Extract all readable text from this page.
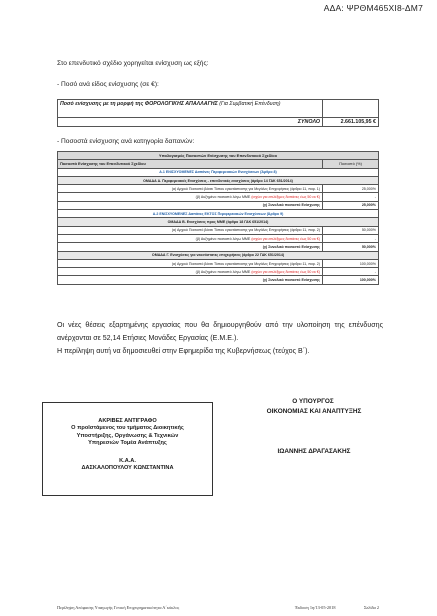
ΑΔΑ: ΨΡΘΜ465ΧΙ8-ΔΜ7
Στο επενδυτικό σχέδιο χορηγείται ενίσχυση ως εξής:
- Ποσό ανά είδος ενίσχυσης (σε €):
Ποσό ενίσχυσης με τη μορφή της ΦΟΡΟΛΟΓΙΚΗΣ ΑΠΑΛΛΑΓΗΣ (Για Συμβατική Επένδυση)	
ΣΥΝΟΛΟ	2.661.105,95 €
- Ποσοστά ενίσχυσης ανά κατηγορία δαπανών:
Υπολογισμός Ποσοστών Ενίσχυσης του Επενδυτικού Σχεδίου	
Ποσοστά Ενίσχυσης του Επενδυτικού Σχεδίου	Ποσοστό (%)
Α.1 ΕΝΙΣΧΥΟΜΕΝΕΣ Δαπάνες Περιφερειακών Ενισχύσεων (Άρθρο 8)	
ΟΜΑΔΑ Α. Περιφερειακές Ενισχύσεις - επενδυτικές ενισχύσεις (άρθρο 14 ΓΑΚ 651/2014)	
(α) Αρχικό Ποσοστό βάσει Τύπου εγκατάστασης για Μεγάλες Επιχειρήσεις (άρθρο 11, παρ. 1)	25,000%
(β) Αυξημένο ποσοστό λόγω ΜΜΕ (ισχύει για επιλέξιμες δαπάνες έως 50 εκ €)	-
(γ) Συνολικό ποσοστό Ενίσχυσης	25,000%
Α.2 ΕΝΙΣΧΥΟΜΕΝΕΣ Δαπάνες ΕΚΤΟΣ Περιφερειακών Ενισχύσεων (Άρθρο 9)	
ΟΜΑΔΑ Β. Ενισχύσεις προς ΜΜΕ (άρθρο 18 ΓΑΚ 651/2014)	
(α) Αρχικό Ποσοστό βάσει Τύπου εγκατάστασης για Μεγάλες Επιχειρήσεις (άρθρο 11, παρ. 2)	50,000%
(β) Αυξημένο ποσοστό λόγω ΜΜΕ (ισχύει για επιλέξιμες δαπάνες έως 50 εκ €)	-
(γ) Συνολικό ποσοστό Ενίσχυσης	50,000%
ΟΜΑΔΑ Γ. Ενισχύσεις για νεοσύστατες επιχειρήσεις (άρθρο 22 ΓΑΚ 651/2014)	
(α) Αρχικό Ποσοστό βάσει Τύπου εγκατάστασης για Μεγάλες Επιχειρήσεις (άρθρο 11, παρ. 2)	100,000%
(β) Αυξημένο ποσοστό λόγω ΜΜΕ (ισχύει για επιλέξιμες δαπάνες έως 50 εκ €)	-
(γ) Συνολικό ποσοστό Ενίσχυσης	100,000%
Οι νέες θέσεις εξαρτημένης εργασίας που θα δημιουργηθούν από την υλοποίηση της επένδυσης ανέρχονται σε 52,14 Ετήσιες Μονάδες Εργασίας (Ε.Μ.Ε.).
Η περίληψη αυτή να δημοσιευθεί στην Εφημερίδα της Κυβερνήσεως (τεύχος Β΄).
ΑΚΡΙΒΕΣ ΑΝΤΙΓΡΑΦΟ
Ο προϊστάμενος του τμήματος Διοικητικής
Υποστήριξης, Οργάνωσης & Τεχνικών
Υπηρεσιών Τομέα Ανάπτυξης
Κ.Α.Α.
ΔΑΣΚΑΛΟΠΟΥΛΟΥ ΚΩΝΣΤΑΝΤΙΝΑ
Ο ΥΠΟΥΡΓΟΣ
ΟΙΚΟΝΟΜΙΑΣ ΚΑΙ ΑΝΑΠΤΥΞΗΣ
ΙΩΑΝΝΗΣ ΔΡΑΓΑΣΑΚΗΣ
Περίληψη Απόφασης Υπαγωγής Γενική Επιχειρηματικότητα Α΄κύκλος	Έκδοση 1η/13-05-2018	Σελίδα 2
